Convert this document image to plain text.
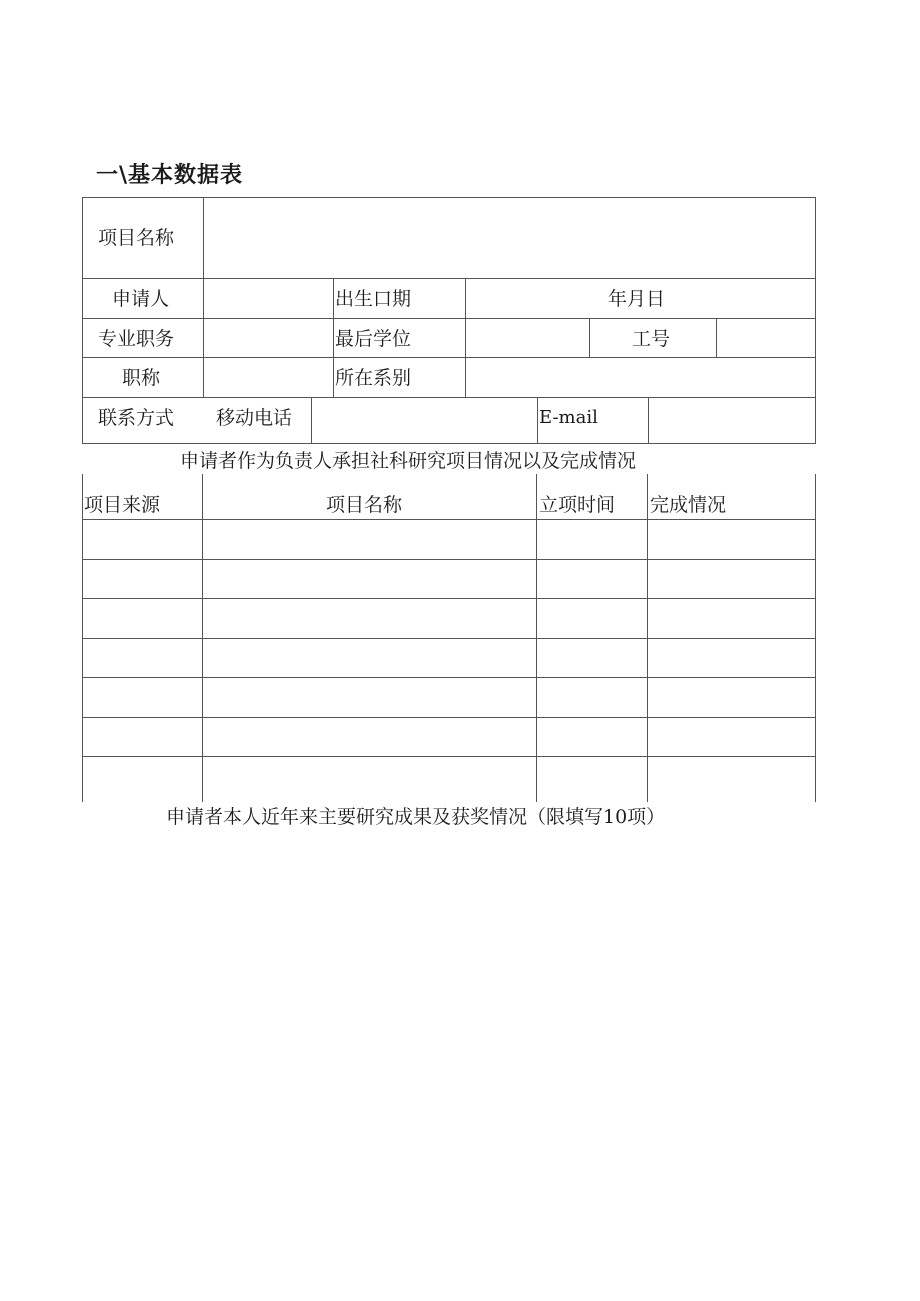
一\基本数据表
项目名称
申请人	出生口期	年月日
专业职务	最后学位	工号
职称	所在系别
联系方式 移动电话	E-mail
申请者作为负责人承担社科研究项目情况以及完成情况
项目来源	项目名称	立项时间 完成情况
申请者本人近年来主要研究成果及获奖情况（限填写10项）
